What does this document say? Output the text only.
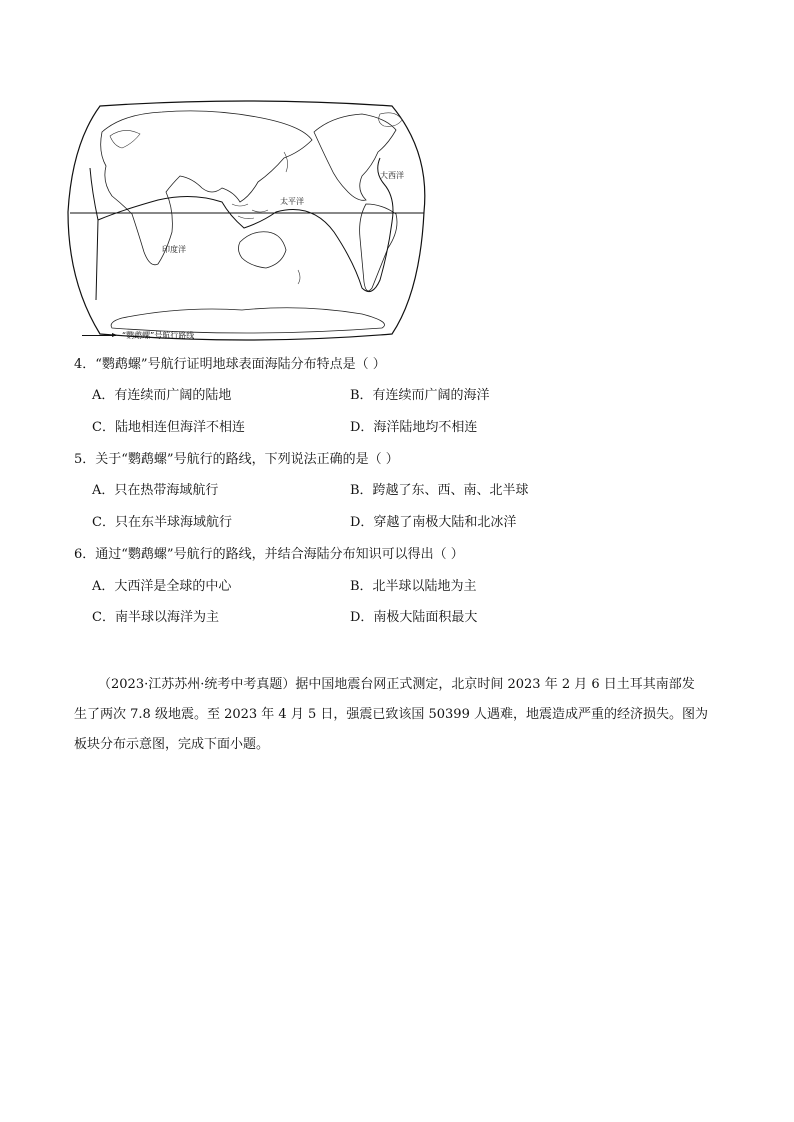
大西洋
太平洋
印度洋
“鹦鹉螺”号航行路线
4．“鹦鹉螺”号航行证明地球表面海陆分布特点是（ ）
A．有连续而广阔的陆地	B．有连续而广阔的海洋
C．陆地相连但海洋不相连	D．海洋陆地均不相连
5．关于“鹦鹉螺”号航行的路线，下列说法正确的是（ ）
A．只在热带海域航行	B．跨越了东、西、南、北半球
C．只在东半球海域航行	D．穿越了南极大陆和北冰洋
6．通过“鹦鹉螺”号航行的路线，并结合海陆分布知识可以得出（ ）
A．大西洋是全球的中心	B．北半球以陆地为主
C．南半球以海洋为主	D．南极大陆面积最大
（2023·江苏苏州·统考中考真题）据中国地震台网正式测定，北京时间 2023 年 2 月 6 日土耳其南部发
生了两次 7.8 级地震。至 2023 年 4 月 5 日，强震已致该国 50399 人遇难，地震造成严重的经济损失。图为
板块分布示意图，完成下面小题。
